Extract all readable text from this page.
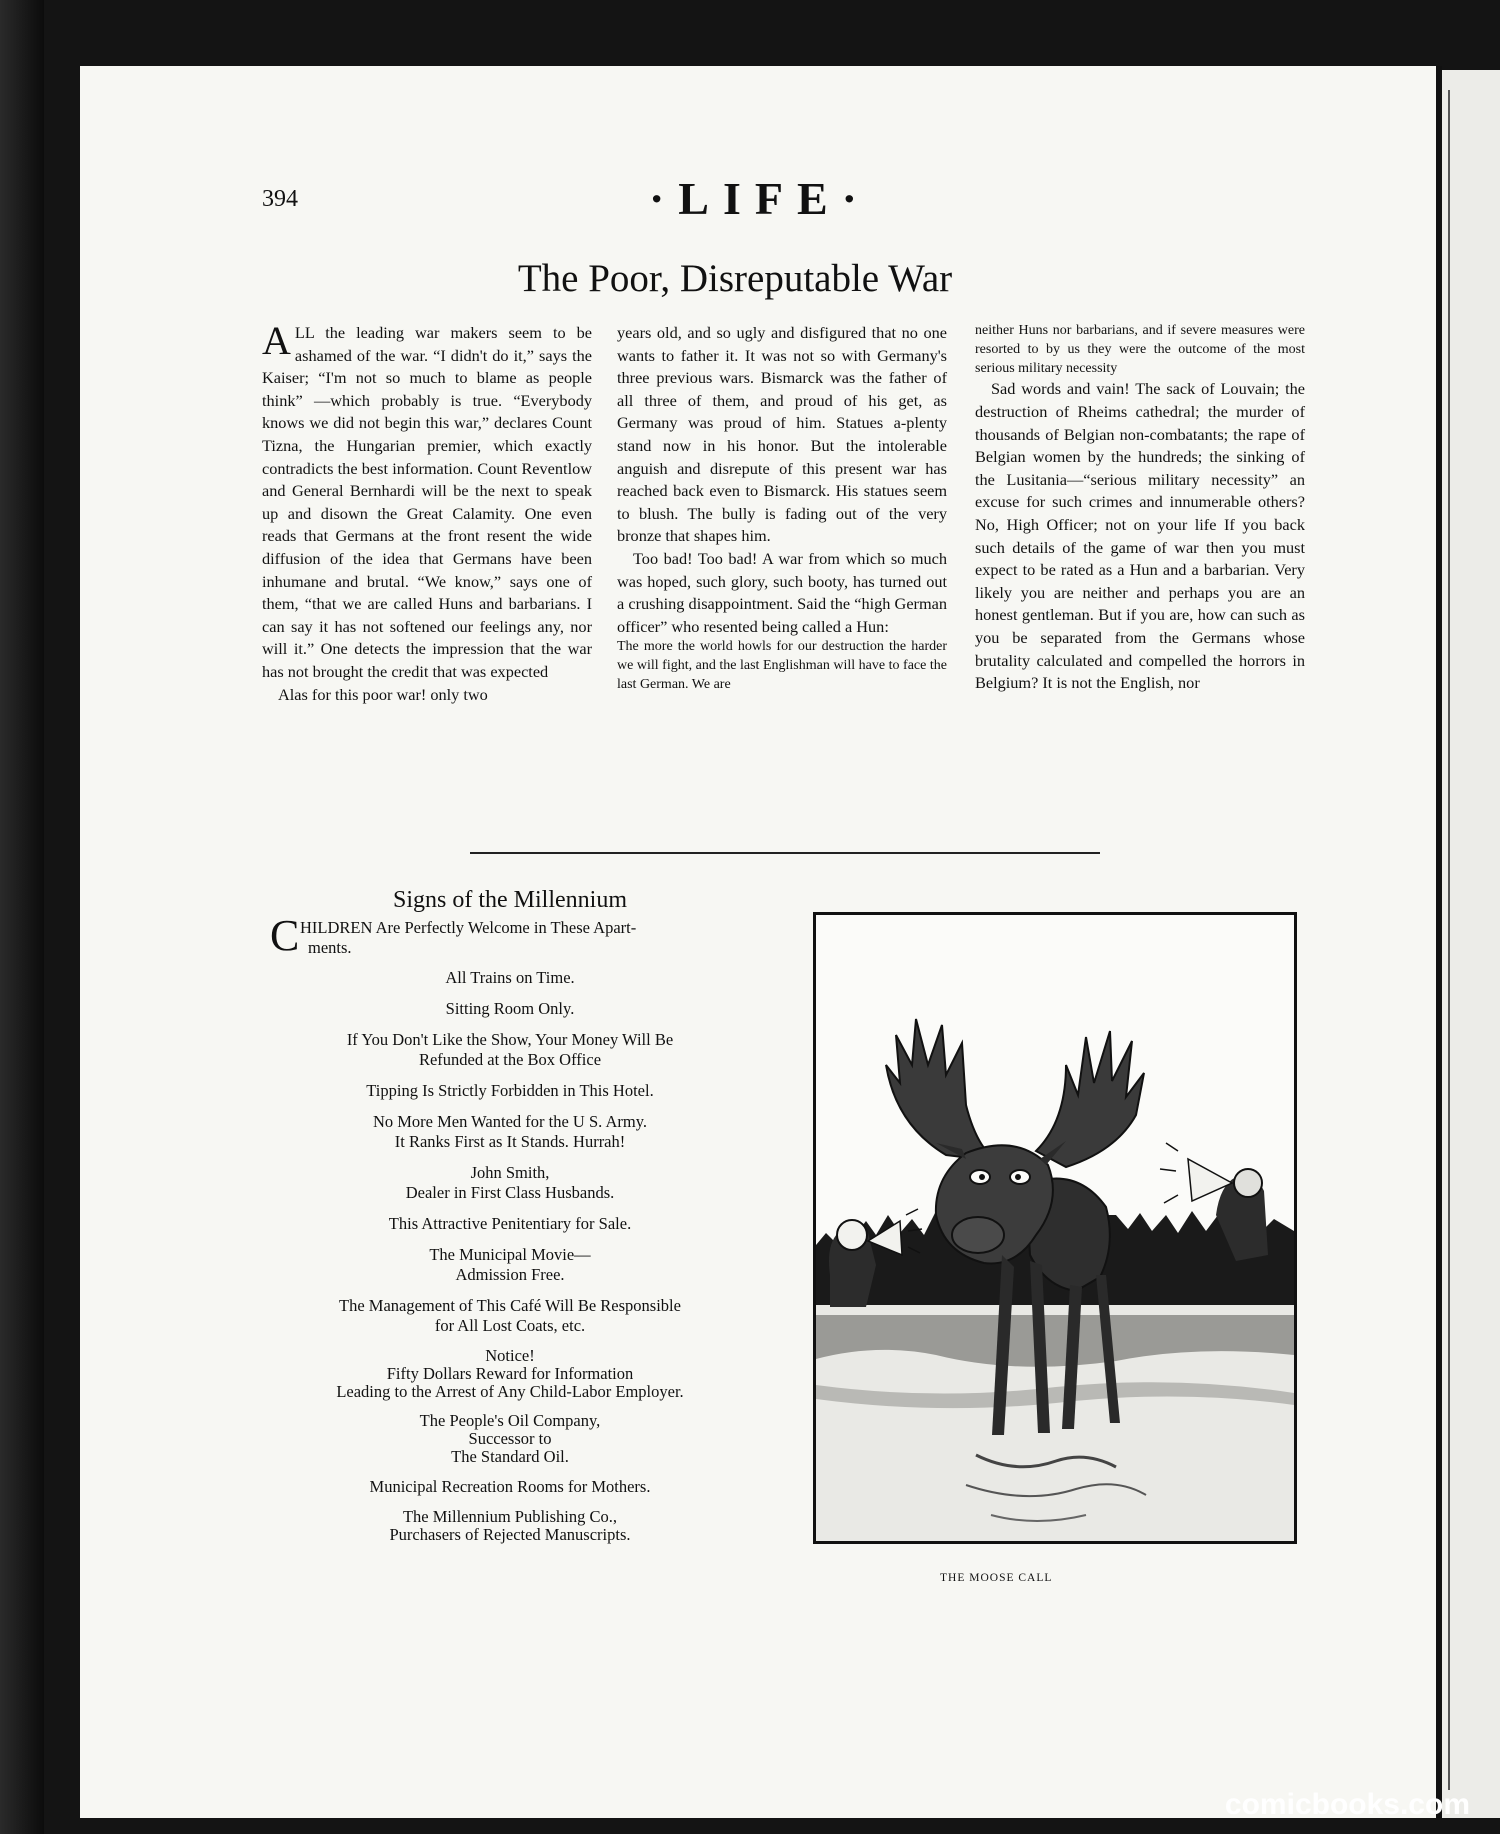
394	·LIFE·
The Poor, Disreputable War

ALL the leading war makers seem to be ashamed of the war. “I didn't do it,” says the Kaiser; “I'm not so much to blame as people think” —which probably is true. “Everybody knows we did not begin this war,” declares Count Tizna, the Hungarian premier, which exactly contradicts the best information. Count Reventlow and General Bernhardi will be the next to speak up and disown the Great Calamity. One even reads that Germans at the front resent the wide diffusion of the idea that Germans have been inhumane and brutal. “We know,” says one of them, “that we are called Huns and barbarians. I can say it has not softened our feelings any, nor will it.” One detects the impression that the war has not brought the credit that was expected

Alas for this poor war! only two

years old, and so ugly and disfigured that no one wants to father it. It was not so with Germany's three previous wars. Bismarck was the father of all three of them, and proud of his get, as Germany was proud of him. Statues a-plenty stand now in his honor. But the intolerable anguish and disrepute of this present war has reached back even to Bismarck. His statues seem to blush. The bully is fading out of the very bronze that shapes him.

Too bad! Too bad! A war from which so much was hoped, such glory, such booty, has turned out a crushing disappointment. Said the “high German officer” who resented being called a Hun:

The more the world howls for our destruction the harder we will fight, and the last Englishman will have to face the last German. We are

neither Huns nor barbarians, and if severe measures were resorted to by us they were the outcome of the most serious military necessity

Sad words and vain! The sack of Louvain; the destruction of Rheims cathedral; the murder of thousands of Belgian non-combatants; the rape of Belgian women by the hundreds; the sinking of the Lusitania—“serious military necessity” an excuse for such crimes and innumerable others? No, High Officer; not on your life If you back such details of the game of war then you must expect to be rated as a Hun and a barbarian. Very likely you are neither and perhaps you are an honest gentleman. But if you are, how can such as you be separated from the Germans whose brutality calculated and compelled the horrors in Belgium? It is not the English, nor

Signs of the Millennium

C HILDREN Are Perfectly Welcome in These Apart-
ments.

All Trains on Time.

Sitting Room Only.

If You Don't Like the Show, Your Money Will Be
Refunded at the Box Office

Tipping Is Strictly Forbidden in This Hotel.

No More Men Wanted for the U S. Army.
It Ranks First as It Stands. Hurrah!

John Smith,
Dealer in First Class Husbands.

This Attractive Penitentiary for Sale.

The Municipal Movie—
Admission Free.

The Management of This Café Will Be Responsible
for All Lost Coats, etc.

Notice!
Fifty Dollars Reward for Information
Leading to the Arrest of Any Child-Labor Employer.

The People's Oil Company,
Successor to
The Standard Oil.

Municipal Recreation Rooms for Mothers.

The Millennium Publishing Co.,
Purchasers of Rejected Manuscripts.

THE MOOSE CALL

comicbooks.com
